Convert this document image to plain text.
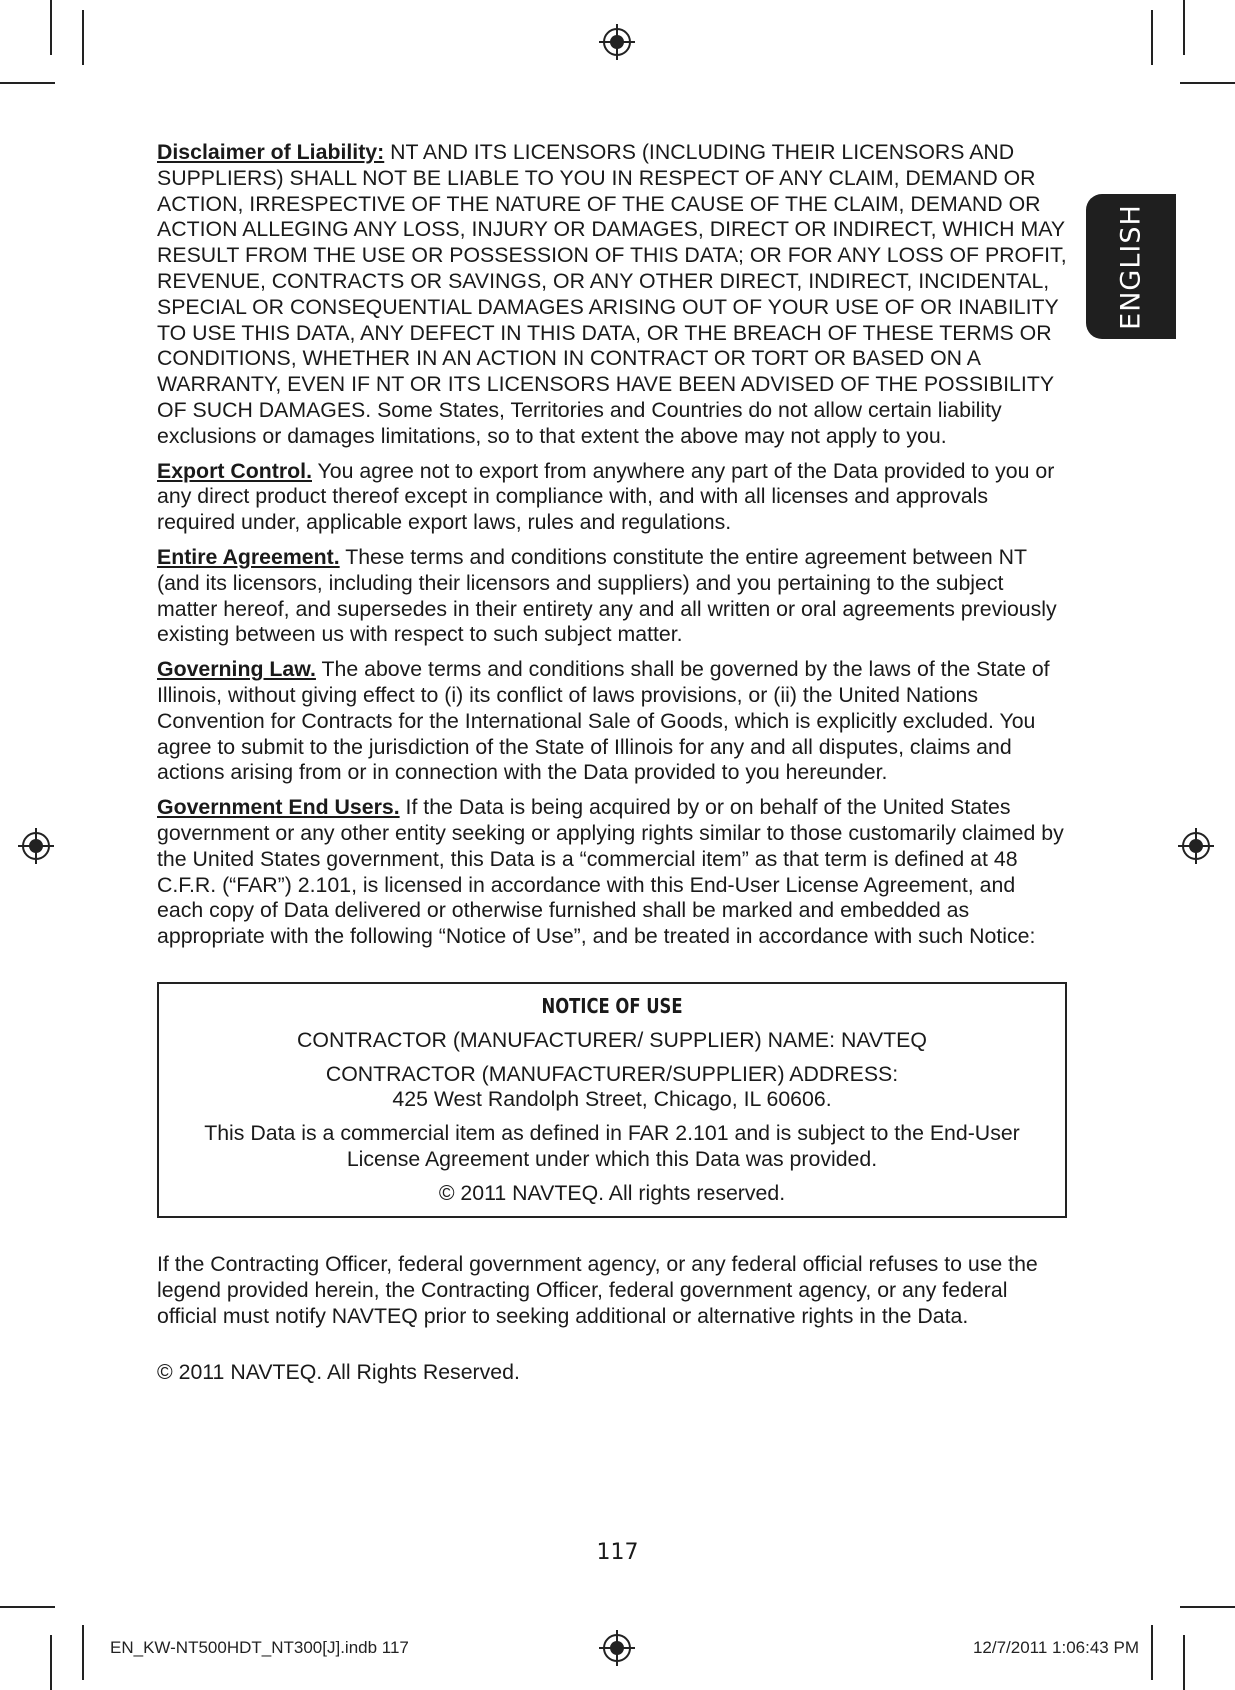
ENGLISH

Disclaimer of Liability: NT AND ITS LICENSORS (INCLUDING THEIR LICENSORS AND SUPPLIERS) SHALL NOT BE LIABLE TO YOU IN RESPECT OF ANY CLAIM, DEMAND OR ACTION, IRRESPECTIVE OF THE NATURE OF THE CAUSE OF THE CLAIM, DEMAND OR ACTION ALLEGING ANY LOSS, INJURY OR DAMAGES, DIRECT OR INDIRECT, WHICH MAY RESULT FROM THE USE OR POSSESSION OF THIS DATA; OR FOR ANY LOSS OF PROFIT, REVENUE, CONTRACTS OR SAVINGS, OR ANY OTHER DIRECT, INDIRECT, INCIDENTAL, SPECIAL OR CONSEQUENTIAL DAMAGES ARISING OUT OF YOUR USE OF OR INABILITY TO USE THIS DATA, ANY DEFECT IN THIS DATA, OR THE BREACH OF THESE TERMS OR CONDITIONS, WHETHER IN AN ACTION IN CONTRACT OR TORT OR BASED ON A WARRANTY, EVEN IF NT OR ITS LICENSORS HAVE BEEN ADVISED OF THE POSSIBILITY OF SUCH DAMAGES. Some States, Territories and Countries do not allow certain liability exclusions or damages limitations, so to that extent the above may not apply to you.

Export Control. You agree not to export from anywhere any part of the Data provided to you or any direct product thereof except in compliance with, and with all licenses and approvals required under, applicable export laws, rules and regulations.

Entire Agreement. These terms and conditions constitute the entire agreement between NT (and its licensors, including their licensors and suppliers) and you pertaining to the subject matter hereof, and supersedes in their entirety any and all written or oral agreements previously existing between us with respect to such subject matter.

Governing Law. The above terms and conditions shall be governed by the laws of the State of Illinois, without giving effect to (i) its conflict of laws provisions, or (ii) the United Nations Convention for Contracts for the International Sale of Goods, which is explicitly excluded. You agree to submit to the jurisdiction of the State of Illinois for any and all disputes, claims and actions arising from or in connection with the Data provided to you hereunder.

Government End Users. If the Data is being acquired by or on behalf of the United States government or any other entity seeking or applying rights similar to those customarily claimed by the United States government, this Data is a “commercial item” as that term is defined at 48 C.F.R. (“FAR”) 2.101, is licensed in accordance with this End-User License Agreement, and each copy of Data delivered or otherwise furnished shall be marked and embedded as appropriate with the following “Notice of Use”, and be treated in accordance with such Notice:

NOTICE OF USE

CONTRACTOR (MANUFACTURER/ SUPPLIER) NAME: NAVTEQ

CONTRACTOR (MANUFACTURER/SUPPLIER) ADDRESS:
425 West Randolph Street, Chicago, IL 60606.

This Data is a commercial item as defined in FAR 2.101 and is subject to the End-User License Agreement under which this Data was provided.

© 2011 NAVTEQ. All rights reserved.

If the Contracting Officer, federal government agency, or any federal official refuses to use the legend provided herein, the Contracting Officer, federal government agency, or any federal official must notify NAVTEQ prior to seeking additional or alternative rights in the Data.

© 2011 NAVTEQ. All Rights Reserved.

117
EN_KW-NT500HDT_NT300[J].indb 117	12/7/2011 1:06:43 PM
